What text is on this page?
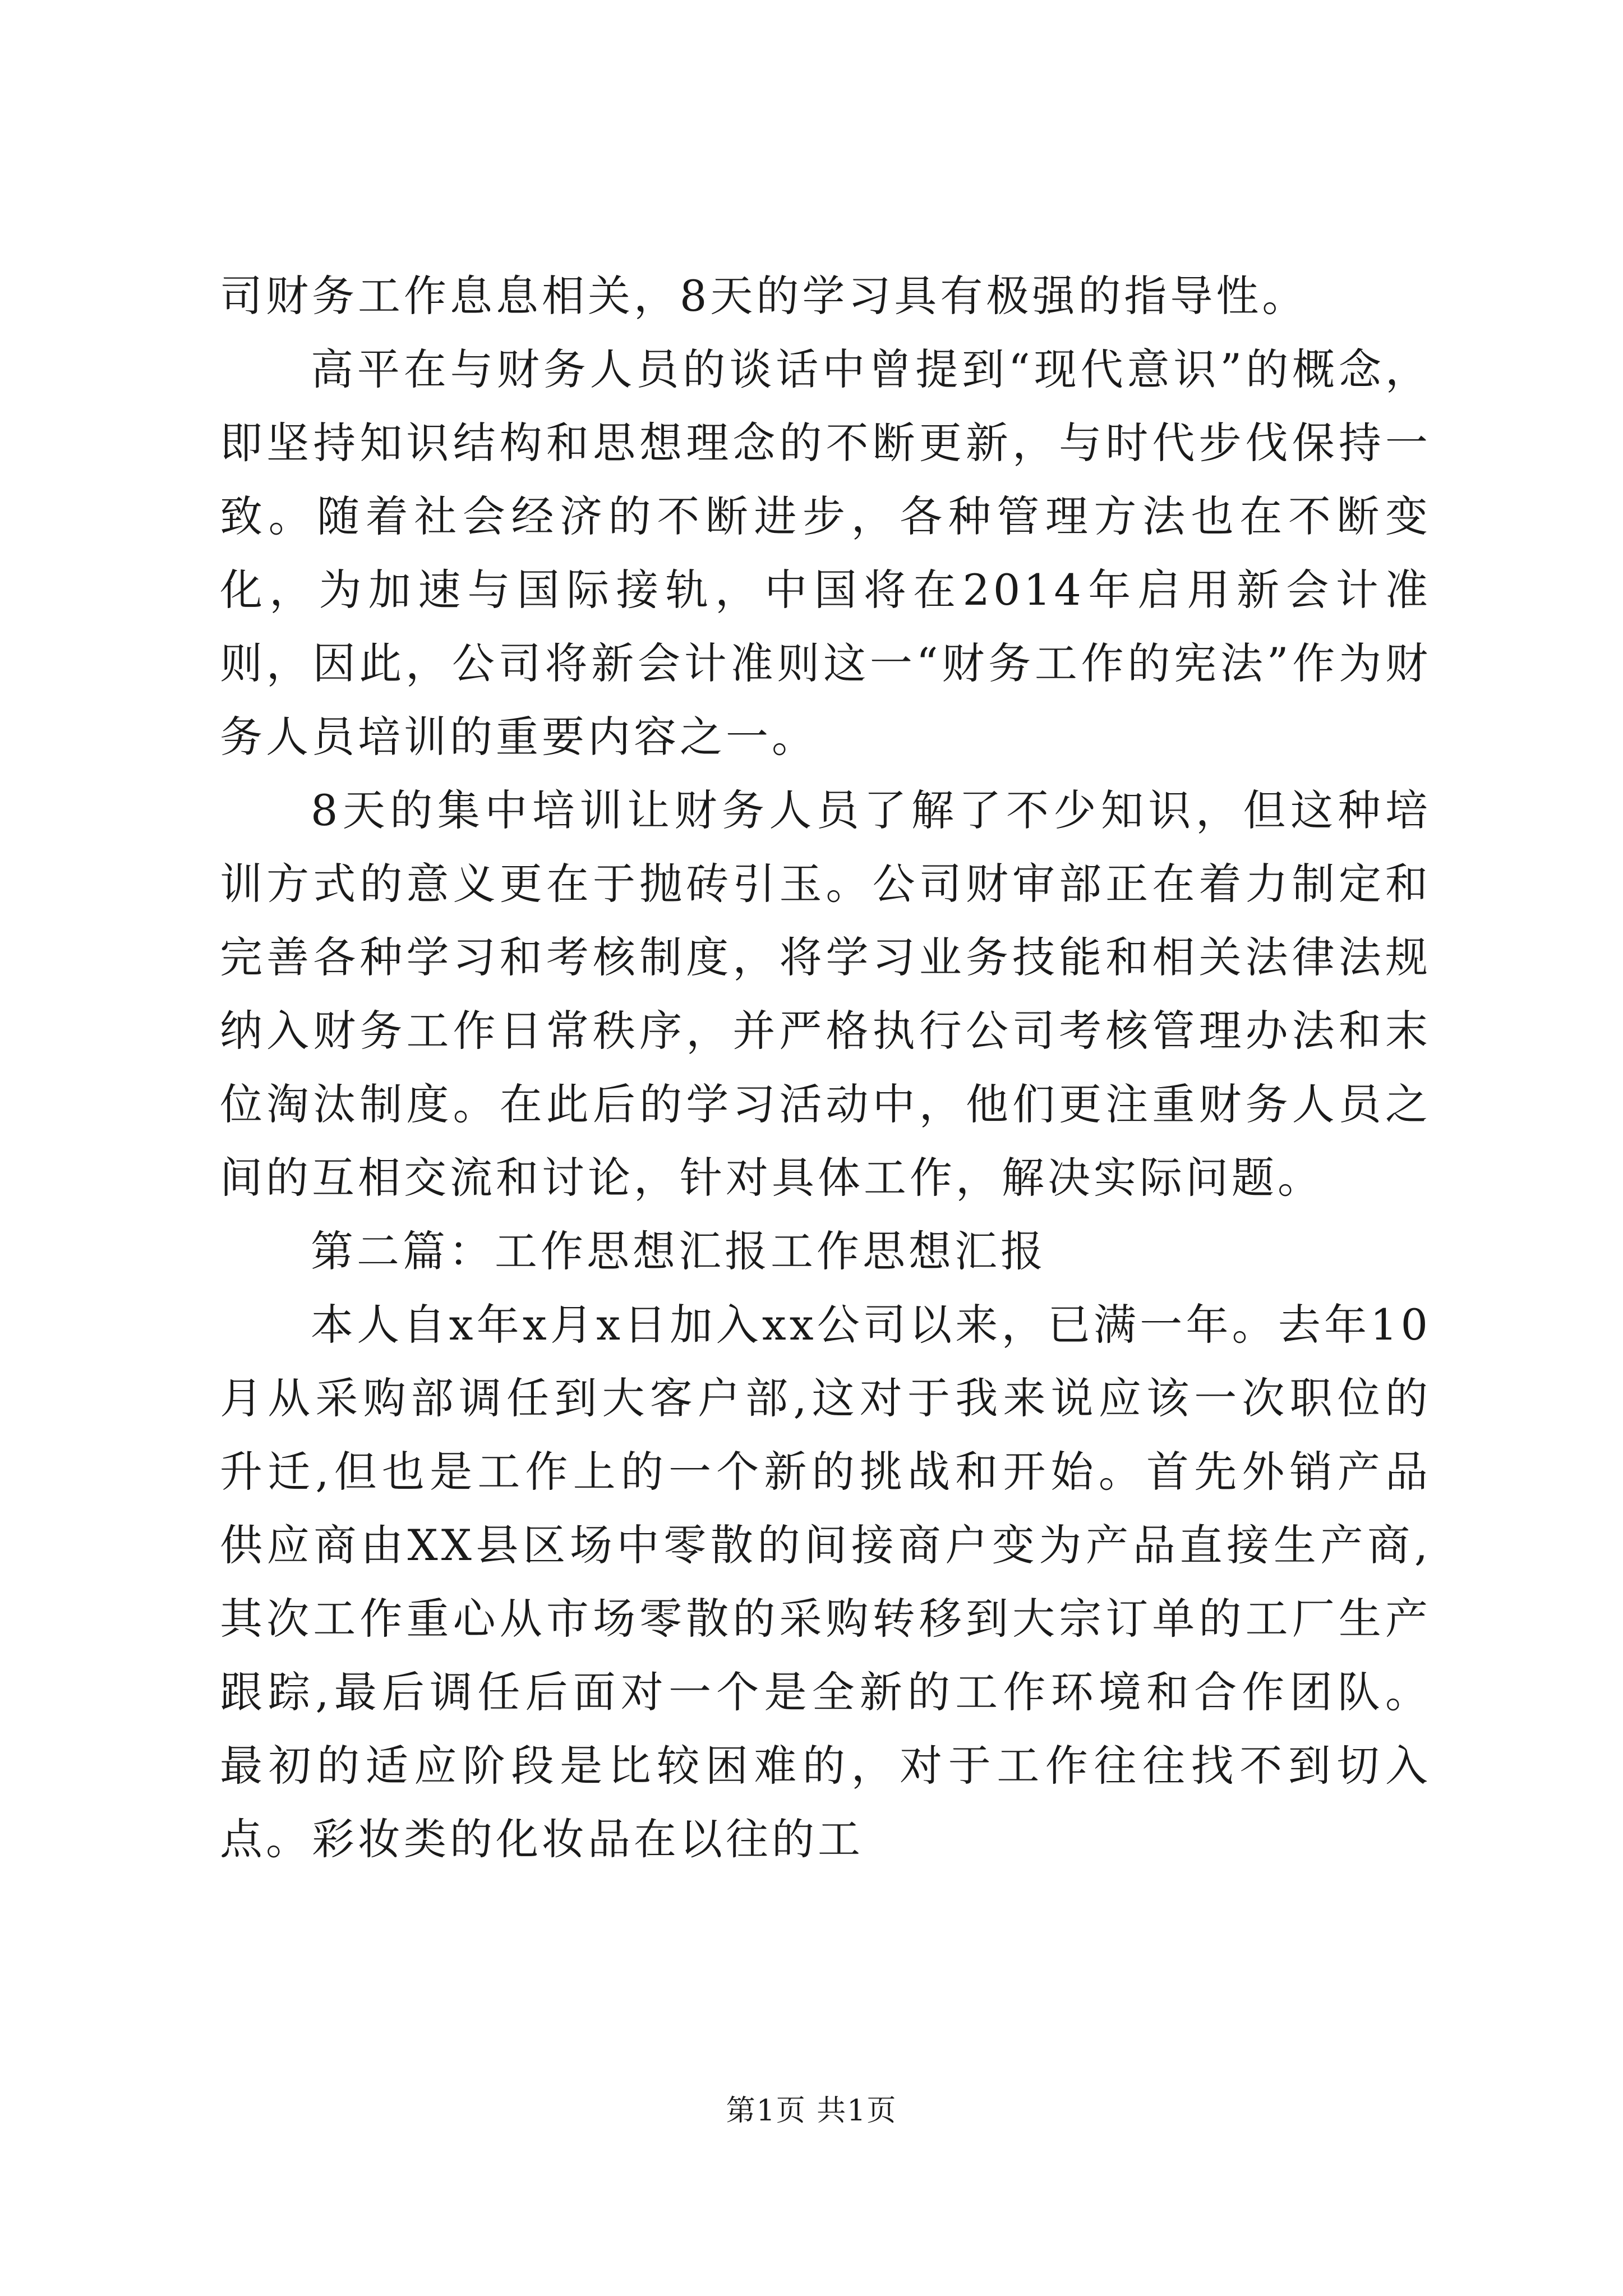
司财务工作息息相关，8天的学习具有极强的指导性。

高平在与财务人员的谈话中曾提到“现代意识”的概念，即坚持知识结构和思想理念的不断更新，与时代步伐保持一致。随着社会经济的不断进步，各种管理方法也在不断变化，为加速与国际接轨，中国将在2014年启用新会计准则，因此，公司将新会计准则这一“财务工作的宪法”作为财务人员培训的重要内容之一。

8天的集中培训让财务人员了解了不少知识，但这种培训方式的意义更在于抛砖引玉。公司财审部正在着力制定和完善各种学习和考核制度，将学习业务技能和相关法律法规纳入财务工作日常秩序，并严格执行公司考核管理办法和末位淘汰制度。在此后的学习活动中，他们更注重财务人员之间的互相交流和讨论，针对具体工作，解决实际问题。

第二篇：工作思想汇报工作思想汇报

本人自x年x月x日加入xx公司以来，已满一年。去年10月从采购部调任到大客户部,这对于我来说应该一次职位的升迁,但也是工作上的一个新的挑战和开始。首先外销产品供应商由XX县区场中零散的间接商户变为产品直接生产商,其次工作重心从市场零散的采购转移到大宗订单的工厂生产跟踪,最后调任后面对一个是全新的工作环境和合作团队。最初的适应阶段是比较困难的，对于工作往往找不到切入点。彩妆类的化妆品在以往的工

第1页 共1页
